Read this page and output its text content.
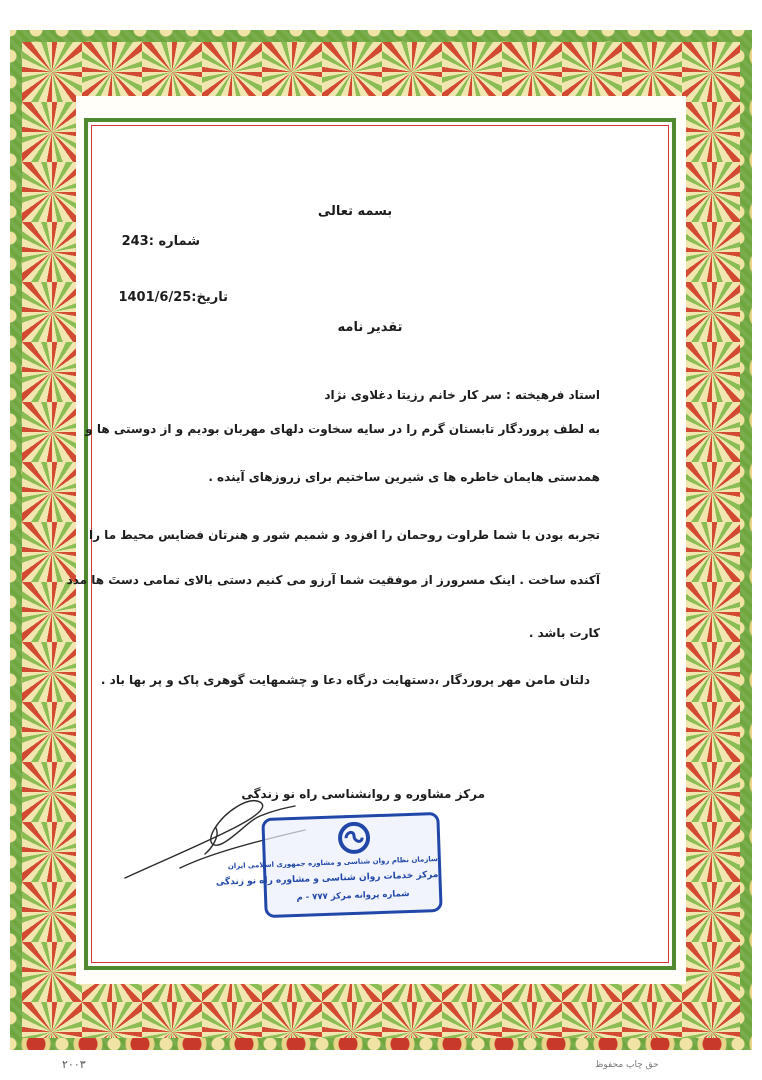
بسمه تعالی
شماره :243
تاریخ:1401/6/25
تقدیر نامه
استاد فرهیخته : سر کار خانم رزیتا دغلاوی نژاد
به لطف پروردگار تابستان گرم را در سایه سخاوت دلهای مهربان بودیم و از دوستی ها و
همدستی هایمان خاطره ها ی شیرین ساختیم برای زروزهای آینده .
تجربه بودن با شما طراوت روحمان را افزود و شمیم شور و هنرتان فضایس محیط ما را
آکنده ساخت . اینک مسرورز از موفقیت شما آرزو می کنیم دستی بالای تمامی دستَ ها مدد
کارت باشد .
دلتان مامن مهر پروردگار ،دستهایت درگاه دعا و چشمهایت گوهری پاک و پر بها باد .
مرکز مشاوره و روانشناسی راه نو زندگی
سازمان نظام روان شناسی و مشاوره جمهوری اسلامی ایران
مرکز خدمات روان شناسی و مشاوره راه نو زندگی
شماره پروانه مرکز ۷۷۷ - م
۲۰۰۳	حق چاپ محفوظ
